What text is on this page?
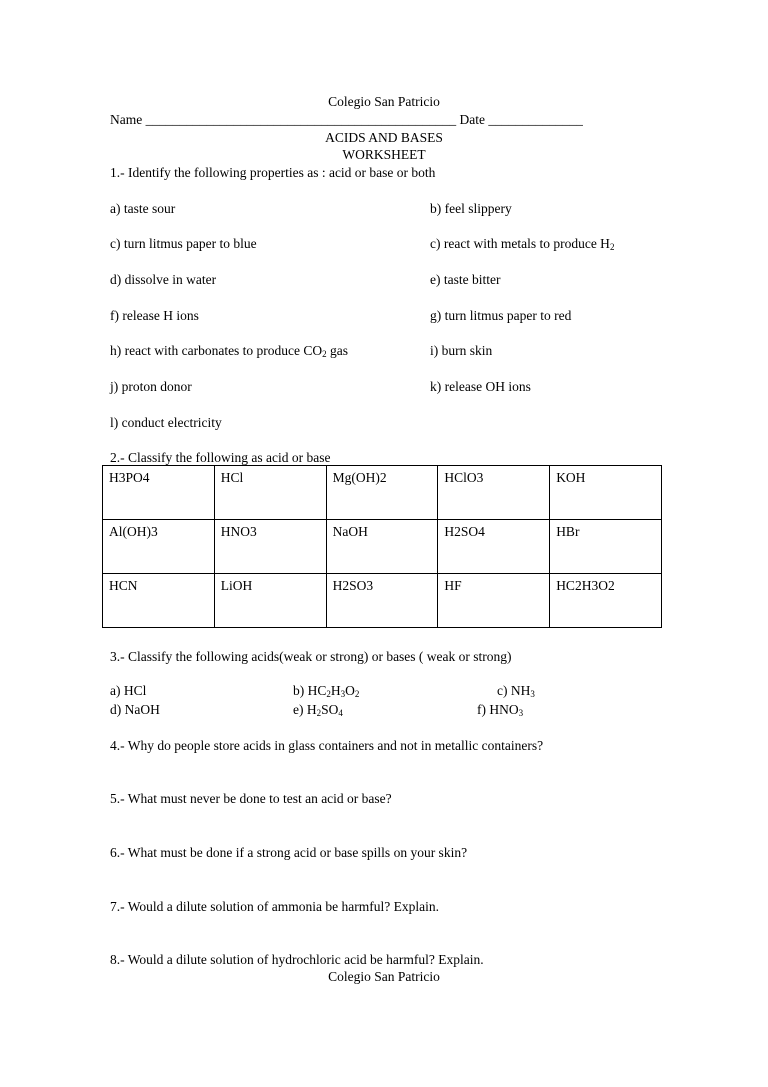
Colegio San Patricio
Name ______________________________________________ Date ______________
ACIDS AND BASES
WORKSHEET
1.- Identify the following properties as : acid or base or both
a) taste sour	b) feel slippery
c) turn litmus paper to blue	c) react with metals to produce $H_2$
d) dissolve in water	e) taste bitter
f) release H ions	g) turn litmus paper to red
h) react with carbonates to produce $CO_2$ gas	i) burn skin
j) proton donor	k) release OH ions
l) conduct electricity
2.- Classify the following as acid or base
H3PO4	HCl	Mg(OH)2	HClO3	KOH
Al(OH)3	HNO3	NaOH	H2SO4	HBr
HCN	LiOH	H2SO3	HF	HC2H3O2
3.- Classify the following acids(weak or strong) or bases ( weak or strong)
a) HCl	b) $HC_2H_3O_2$	c) $NH_3$
d) NaOH	e) $H_2SO_4$	f) $HNO_3$
4.- Why do people store acids in glass containers and not in metallic containers?
5.- What must never be done to test an acid or base?
6.- What must be done if a strong acid or base spills on your skin?
7.- Would a dilute solution of ammonia be harmful? Explain.
8.- Would a dilute solution of hydrochloric acid be harmful? Explain.
Colegio San Patricio
